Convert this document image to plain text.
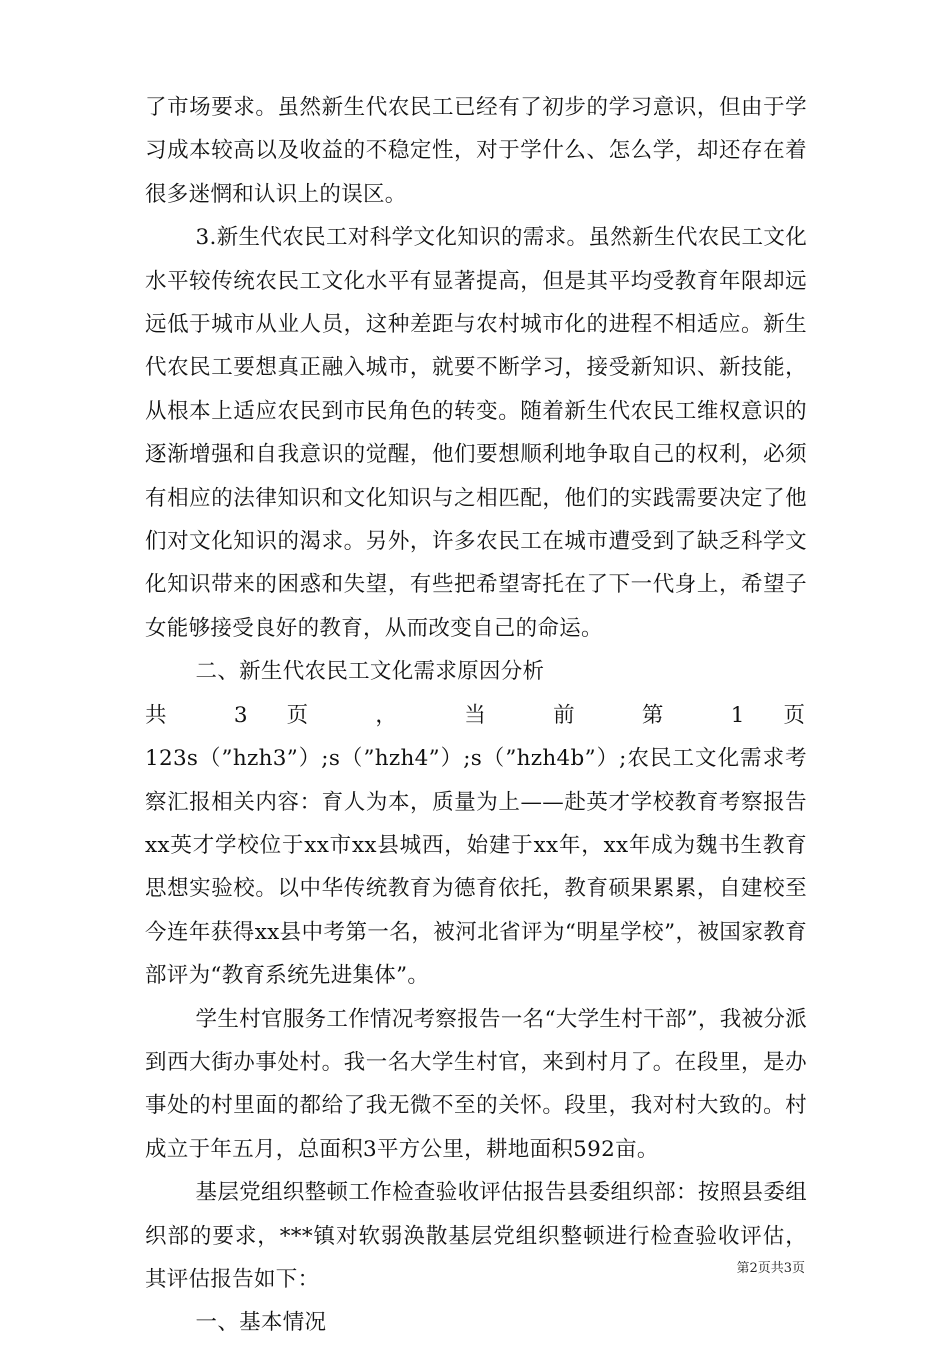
了市场要求。虽然新生代农民工已经有了初步的学习意识，但由于学习成本较高以及收益的不稳定性，对于学什么、怎么学，却还存在着很多迷惘和认识上的误区。

3.新生代农民工对科学文化知识的需求。虽然新生代农民工文化水平较传统农民工文化水平有显著提高，但是其平均受教育年限却远远低于城市从业人员，这种差距与农村城市化的进程不相适应。新生代农民工要想真正融入城市，就要不断学习，接受新知识、新技能，从根本上适应农民到市民角色的转变。随着新生代农民工维权意识的逐渐增强和自我意识的觉醒，他们要想顺利地争取自己的权利，必须有相应的法律知识和文化知识与之相匹配，他们的实践需要决定了他们对文化知识的渴求。另外，许多农民工在城市遭受到了缺乏科学文化知识带来的困惑和失望，有些把希望寄托在了下一代身上，希望子女能够接受良好的教育，从而改变自己的命运。

二、新生代农民工文化需求原因分析

共 3 页 ， 当 前 第 1 页

123s（”hzh3”）;s（”hzh4”）;s（”hzh4b”）;农民工文化需求考察汇报相关内容：育人为本，质量为上——赴英才学校教育考察报告xx英才学校位于xx市xx县城西，始建于xx年，xx年成为魏书生教育思想实验校。以中华传统教育为德育依托，教育硕果累累，自建校至今连年获得xx县中考第一名，被河北省评为“明星学校”，被国家教育部评为“教育系统先进集体”。

学生村官服务工作情况考察报告一名“大学生村干部”，我被分派到西大街办事处村。我一名大学生村官，来到村月了。在段里，是办事处的村里面的都给了我无微不至的关怀。段里，我对村大致的。村成立于年五月，总面积3平方公里，耕地面积592亩。

基层党组织整顿工作检查验收评估报告县委组织部：按照县委组织部的要求，***镇对软弱涣散基层党组织整顿进行检查验收评估，其评估报告如下：

一、基本情况

第2页共3页
